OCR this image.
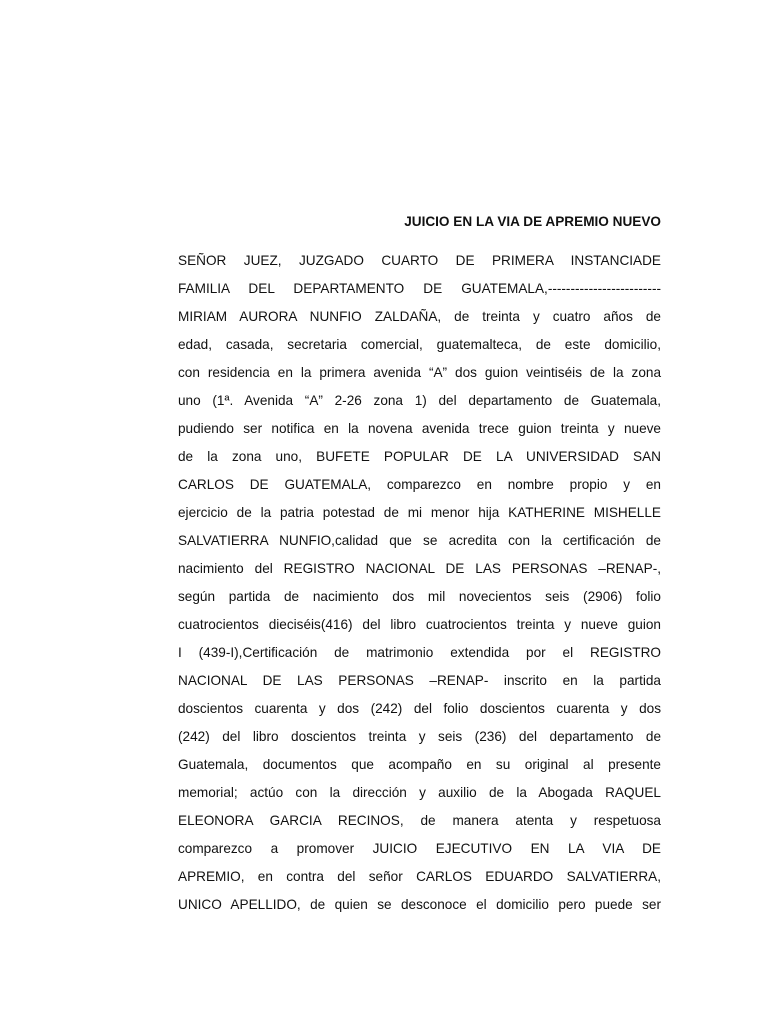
JUICIO EN LA VIA DE APREMIO NUEVO
SEÑOR JUEZ, JUZGADO CUARTO DE PRIMERA INSTANCIADE
FAMILIA DEL DEPARTAMENTO DE GUATEMALA,-------------------------
MIRIAM AURORA NUNFIO ZALDAÑA, de treinta y cuatro años de
edad, casada, secretaria comercial, guatemalteca, de este domicilio,
con residencia en la primera avenida “A” dos guion veintiséis de la zona
uno (1ª. Avenida “A” 2-26 zona 1) del departamento de Guatemala,
pudiendo ser notifica en la novena avenida trece guion treinta y nueve
de la zona uno, BUFETE POPULAR DE LA UNIVERSIDAD SAN
CARLOS DE GUATEMALA, comparezco en nombre propio y en
ejercicio de la patria potestad de mi menor hija KATHERINE MISHELLE
SALVATIERRA NUNFIO,calidad que se acredita con la certificación de
nacimiento del REGISTRO NACIONAL DE LAS PERSONAS –RENAP-,
según partida de nacimiento dos mil novecientos seis (2906) folio
cuatrocientos dieciséis(416) del libro cuatrocientos treinta y nueve guion
I (439-I),Certificación de matrimonio extendida por el REGISTRO
NACIONAL DE LAS PERSONAS –RENAP- inscrito en la partida
doscientos cuarenta y dos (242) del folio doscientos cuarenta y dos
(242) del libro doscientos treinta y seis (236) del departamento de
Guatemala, documentos que acompaño en su original al presente
memorial; actúo con la dirección y auxilio de la Abogada RAQUEL
ELEONORA GARCIA RECINOS, de manera atenta y respetuosa
comparezco a promover JUICIO EJECUTIVO EN LA VIA DE
APREMIO, en contra del señor CARLOS EDUARDO SALVATIERRA,
UNICO APELLIDO, de quien se desconoce el domicilio pero puede ser
